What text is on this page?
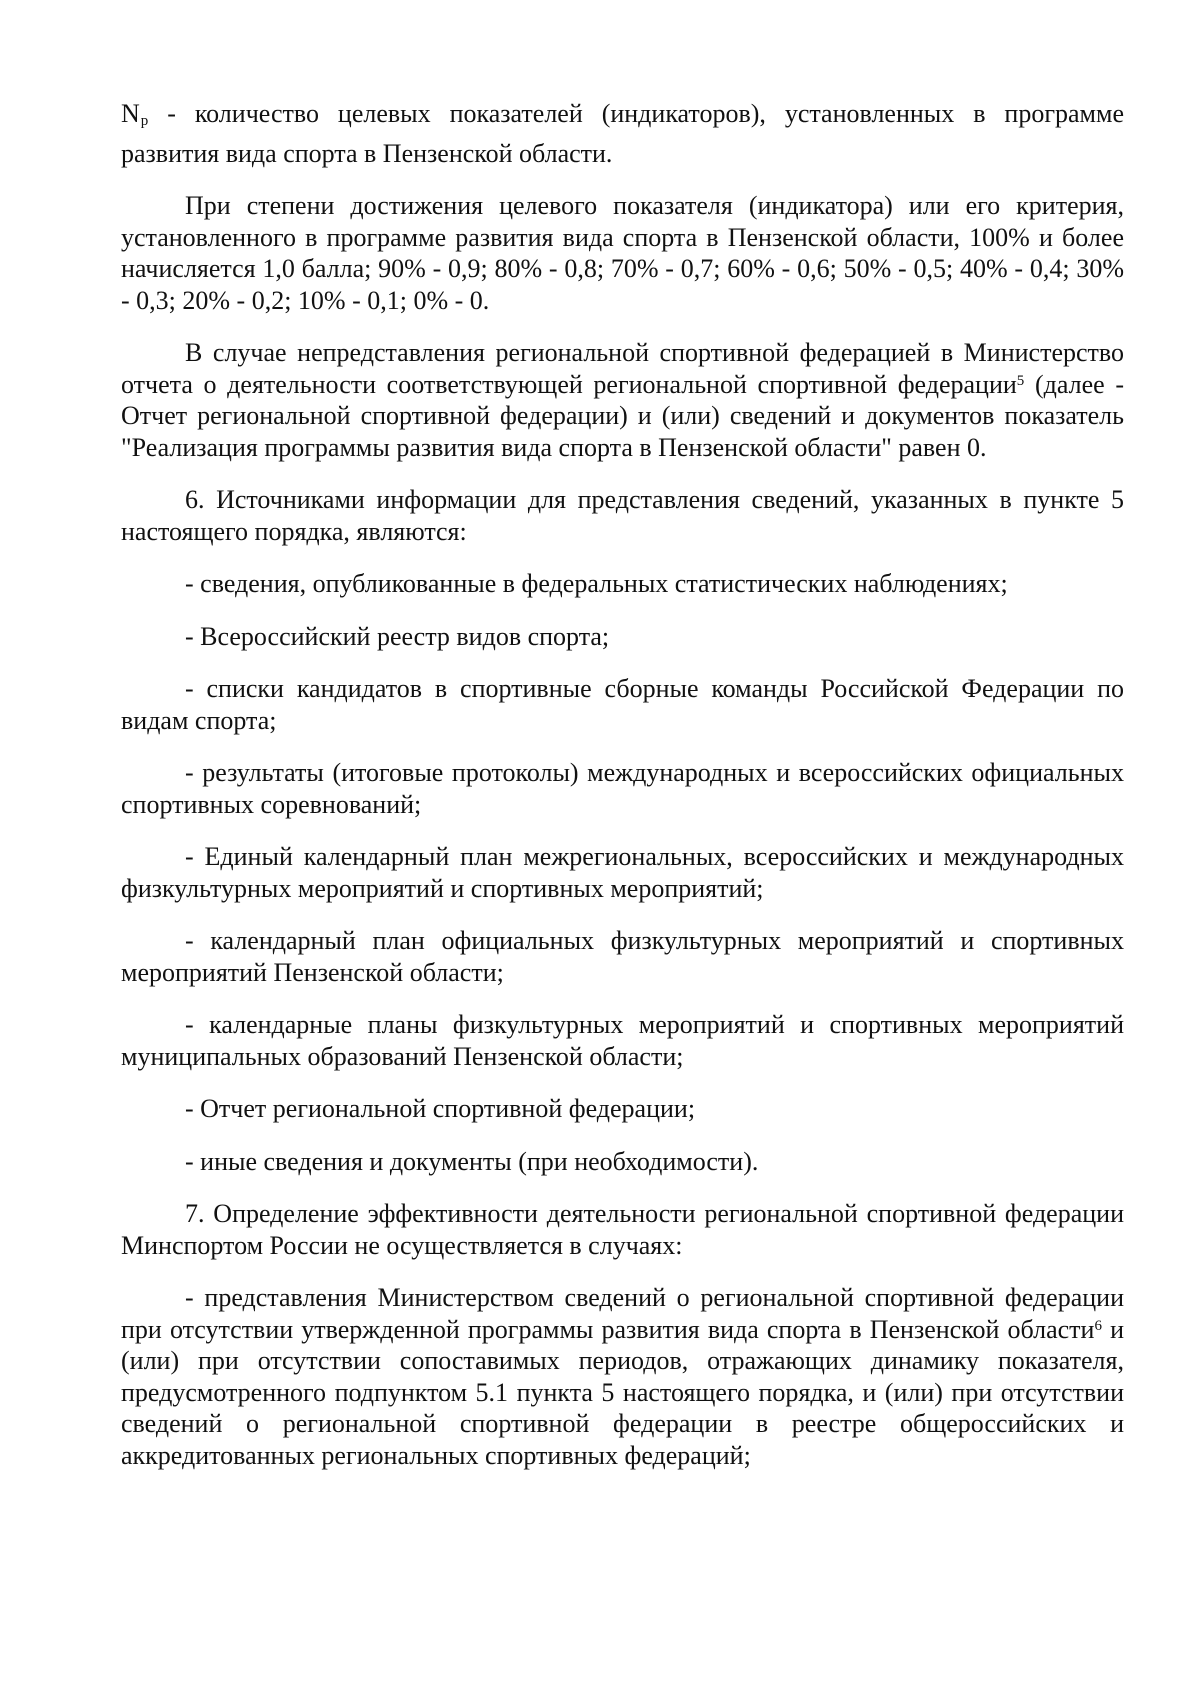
$N_р$ - количество целевых показателей (индикаторов), установленных в программе развития вида спорта в Пензенской области.

При степени достижения целевого показателя (индикатора) или его критерия, установленного в программе развития вида спорта в Пензенской области, 100% и более начисляется 1,0 балла; 90% - 0,9; 80% - 0,8; 70% - 0,7; 60% - 0,6; 50% - 0,5; 40% - 0,4; 30% - 0,3; 20% - 0,2; 10% - 0,1; 0% - 0.

В случае непредставления региональной спортивной федерацией в Министерство отчета о деятельности соответствующей региональной спортивной федерации$^5$ (далее - Отчет региональной спортивной федерации) и (или) сведений и документов показатель "Реализация программы развития вида спорта в Пензенской области" равен 0.

6. Источниками информации для представления сведений, указанных в пункте 5 настоящего порядка, являются:

- сведения, опубликованные в федеральных статистических наблюдениях;

- Всероссийский реестр видов спорта;

- списки кандидатов в спортивные сборные команды Российской Федерации по видам спорта;

- результаты (итоговые протоколы) международных и всероссийских официальных спортивных соревнований;

- Единый календарный план межрегиональных, всероссийских и международных физкультурных мероприятий и спортивных мероприятий;

- календарный план официальных физкультурных мероприятий и спортивных мероприятий Пензенской области;

- календарные планы физкультурных мероприятий и спортивных мероприятий муниципальных образований Пензенской области;

- Отчет региональной спортивной федерации;

- иные сведения и документы (при необходимости).

7. Определение эффективности деятельности региональной спортивной федерации Минспортом России не осуществляется в случаях:

- представления Министерством сведений о региональной спортивной федерации при отсутствии утвержденной программы развития вида спорта в Пензенской области$^6$ и (или) при отсутствии сопоставимых периодов, отражающих динамику показателя, предусмотренного подпунктом 5.1 пункта 5 настоящего порядка, и (или) при отсутствии сведений о региональной спортивной федерации в реестре общероссийских и аккредитованных региональных спортивных федераций;
